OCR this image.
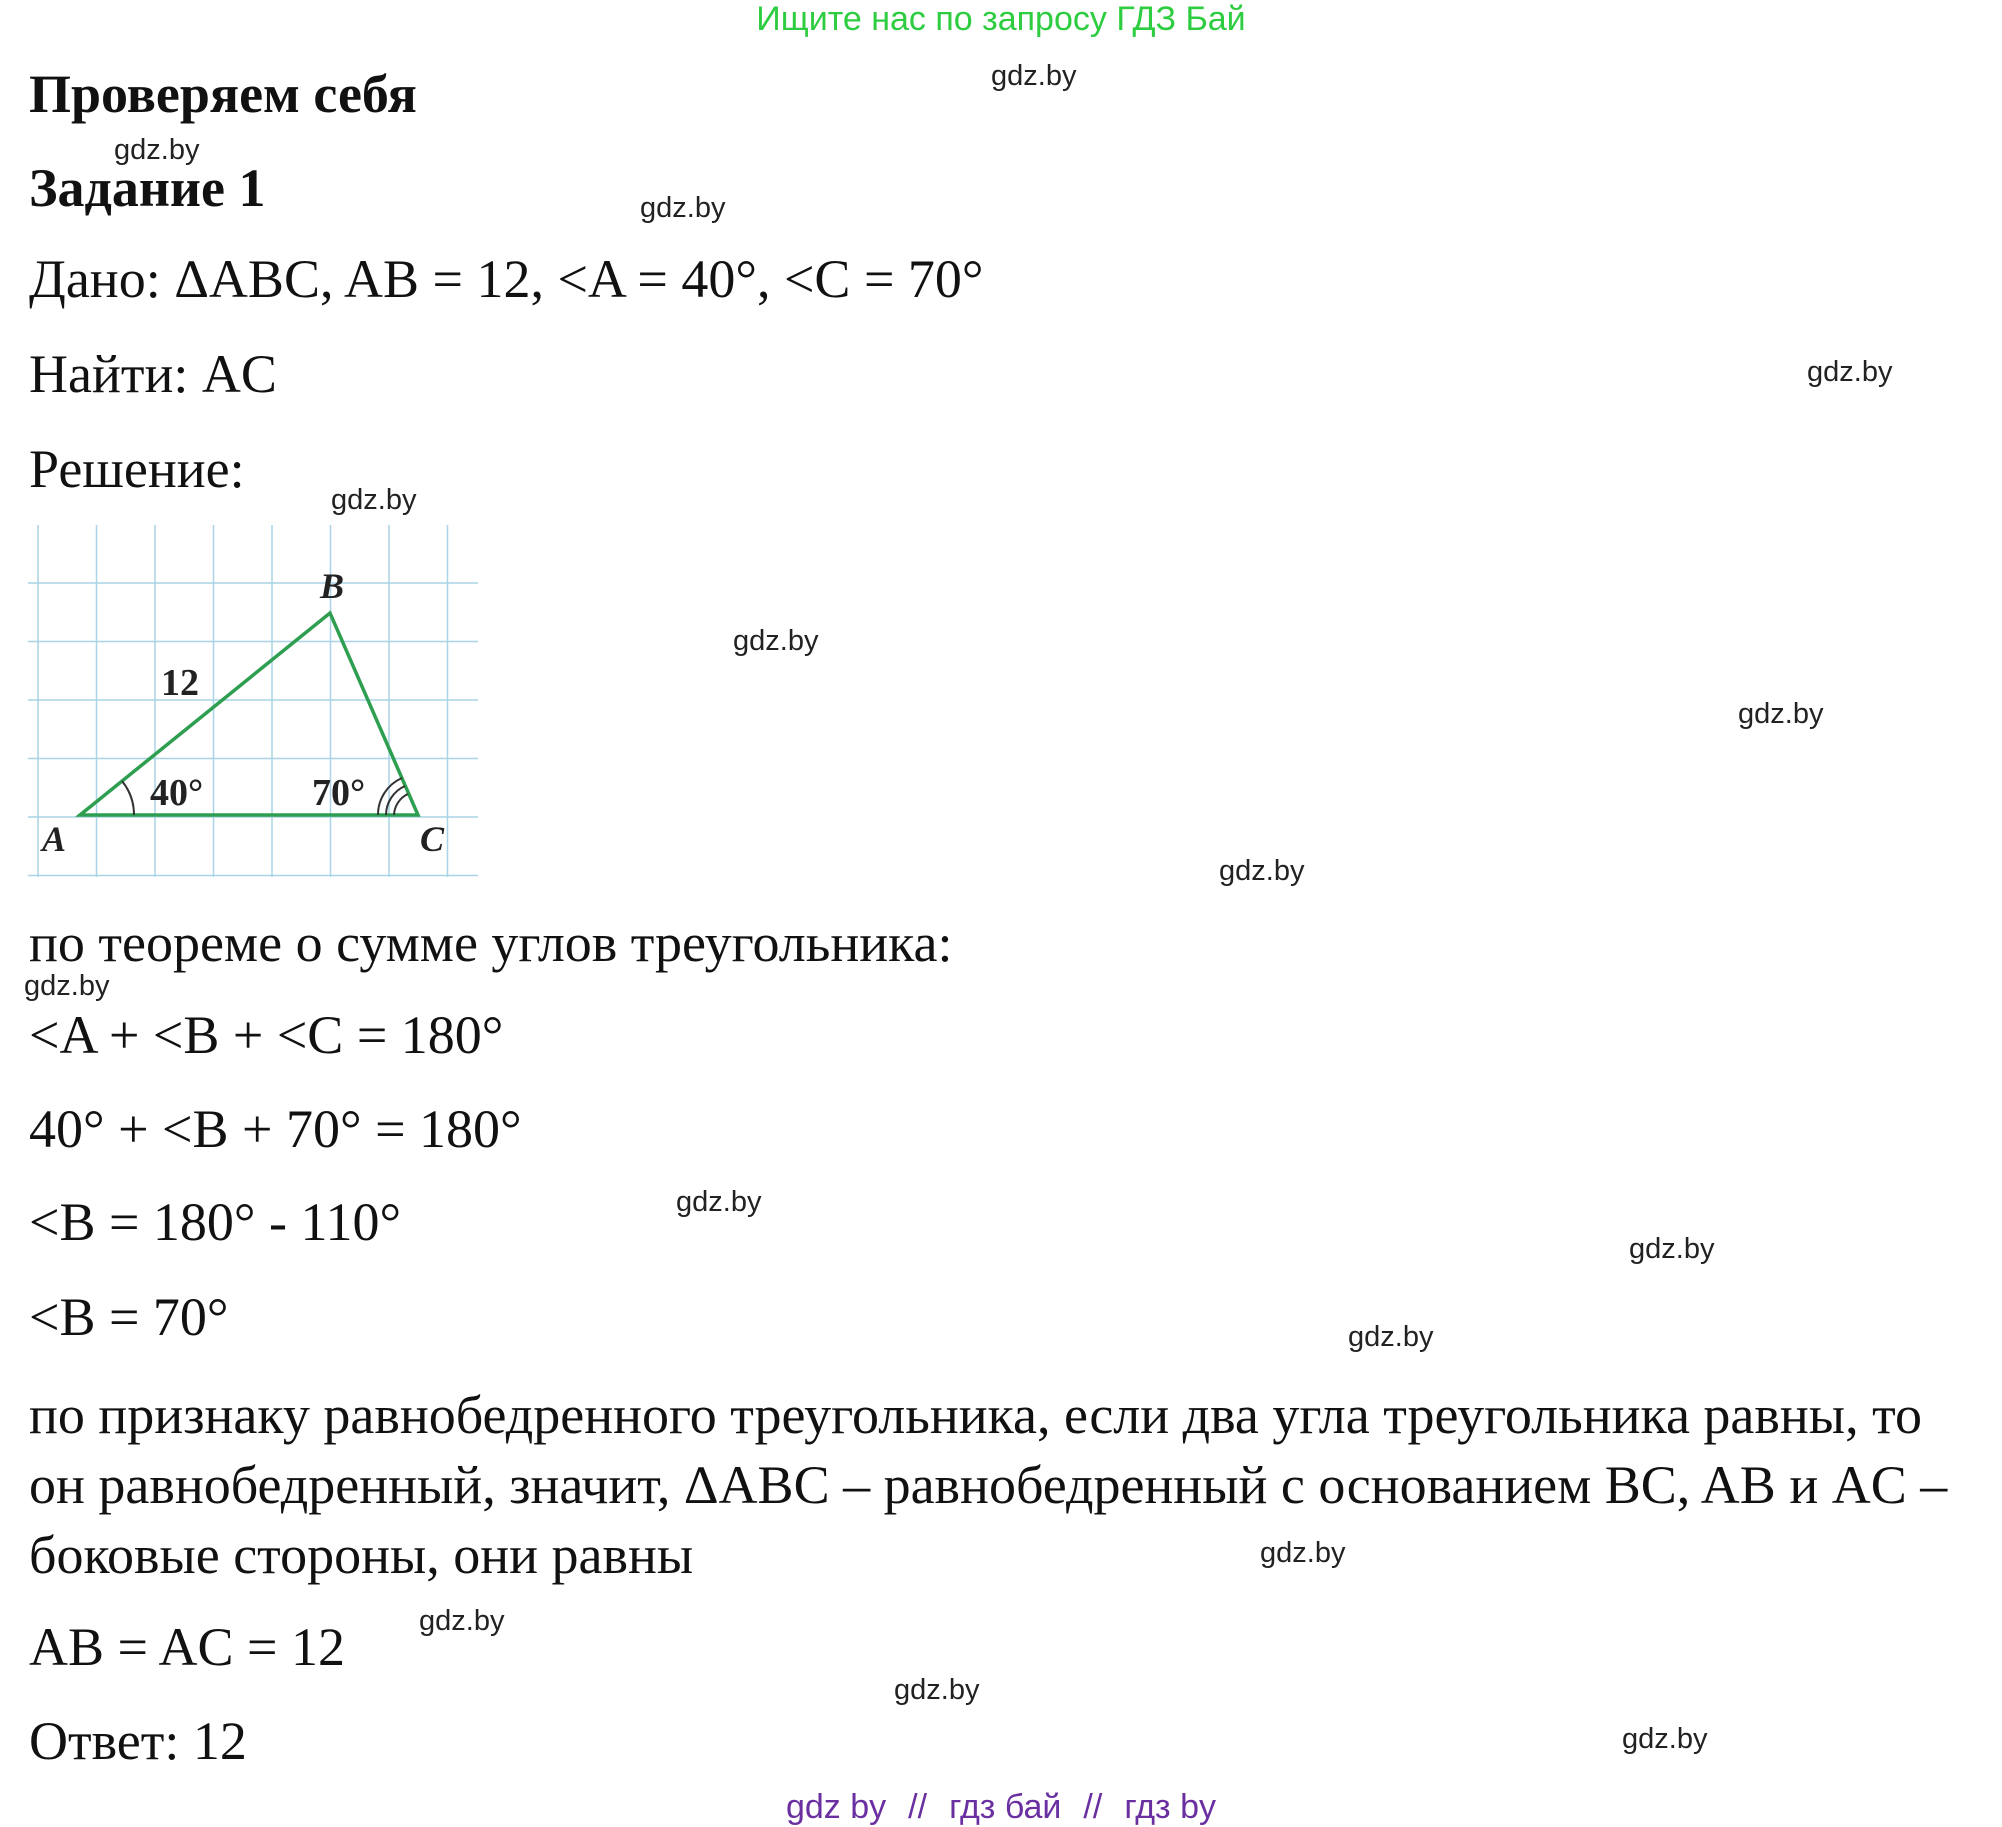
Ищите нас по запросу ГДЗ Бай
Проверяем себя
Задание 1
Дано: ΔABC, AB = 12, <A = 40°, <C = 70°
Найти: AC
Решение:
B
A	C
12
40°	70°
по теореме о сумме углов треугольника:
<A + <B + <C = 180°
40° + <B + 70° = 180°
<B = 180° - 110°
<B = 70°
по признаку равнобедренного треугольника, если два угла треугольника равны, то он равнобедренный, значит, ΔABC – равнобедренный с основанием BC, AB и AC – боковые стороны, они равны
AB = AC = 12
Ответ: 12
gdz.by
gdz.by
gdz.by
gdz.by
gdz.by
gdz.by
gdz.by
gdz.by
gdz.by
gdz.by
gdz.by
gdz.by
gdz.by
gdz.by
gdz.by
gdz.by
gdz by // гдз бай // гдз by
